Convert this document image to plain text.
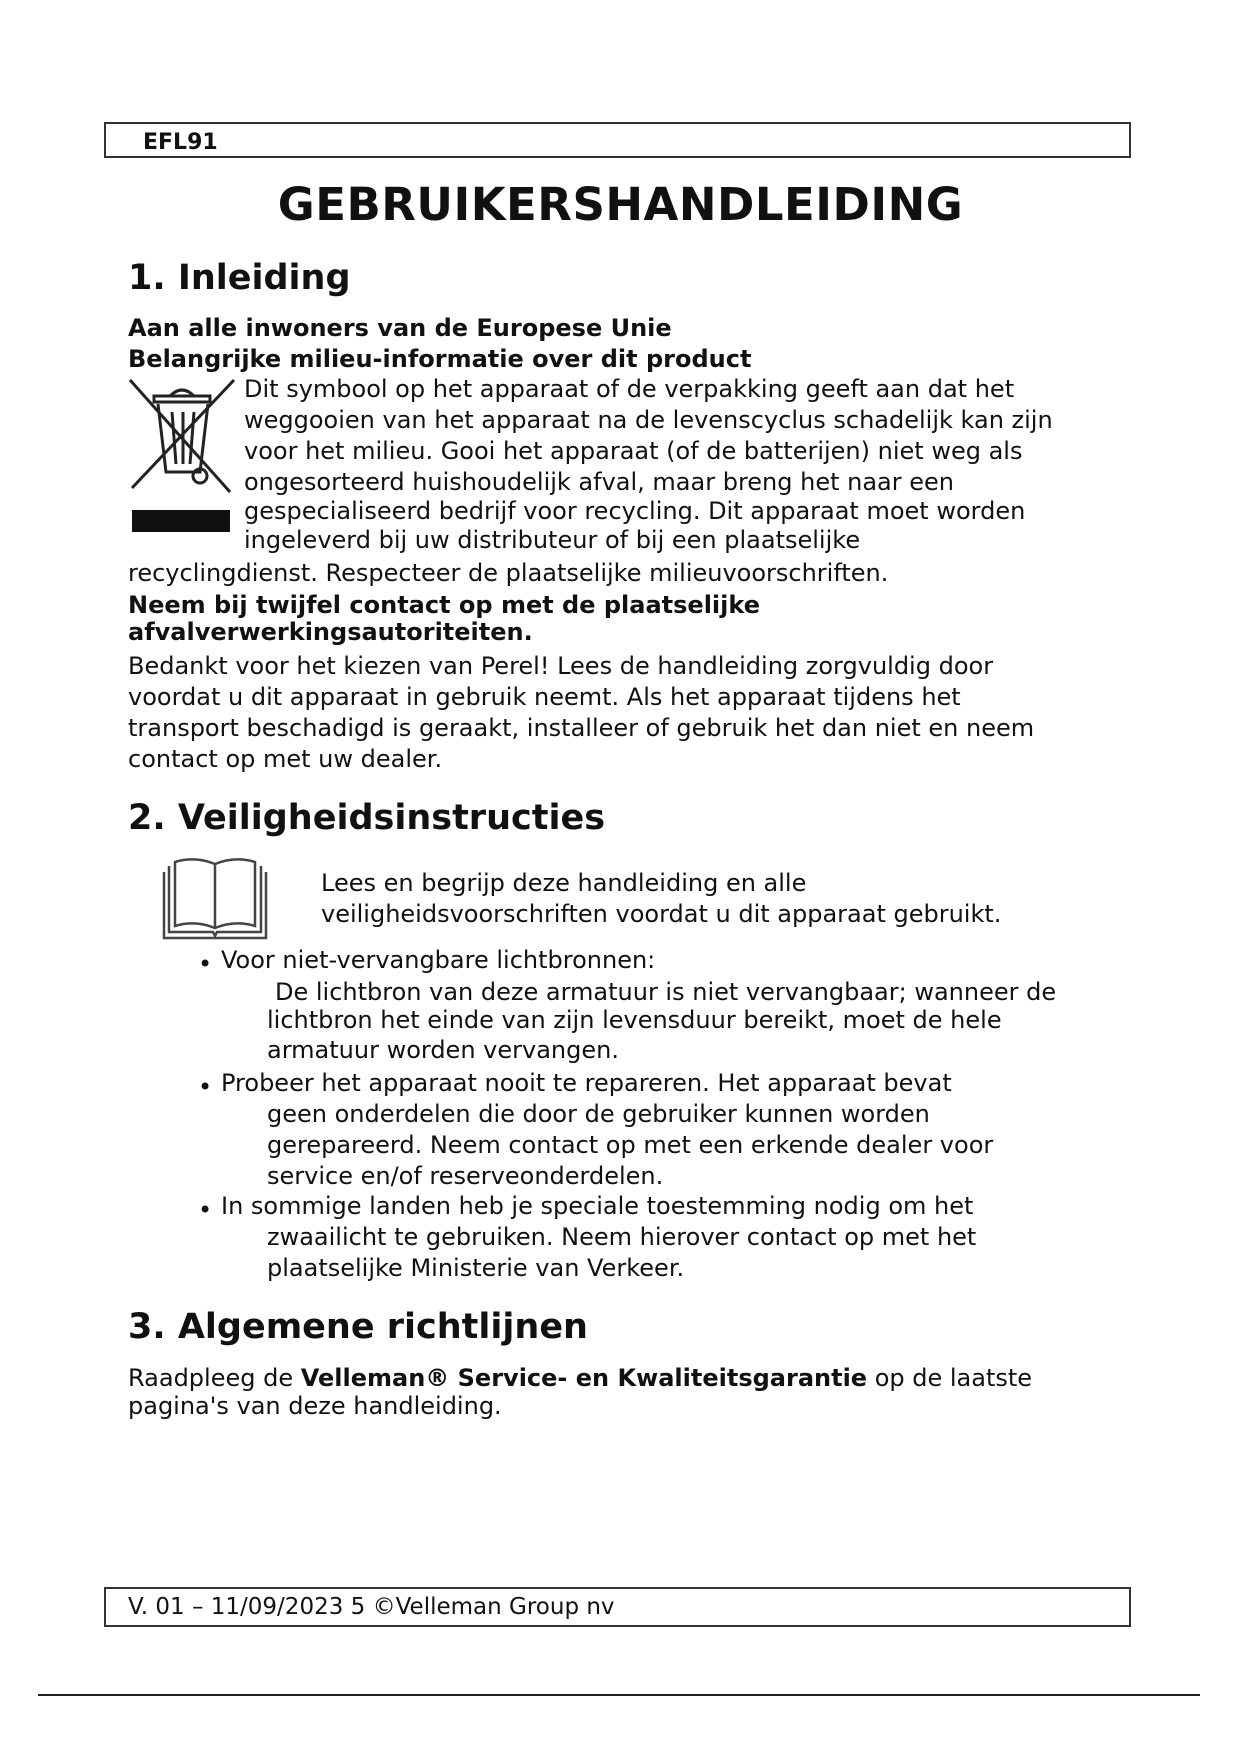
EFL91
GEBRUIKERSHANDLEIDING
1. Inleiding
Aan alle inwoners van de Europese Unie
Belangrijke milieu-informatie over dit product
Dit symbool op het apparaat of de verpakking geeft aan dat het
weggooien van het apparaat na de levenscyclus schadelijk kan zijn
voor het milieu. Gooi het apparaat (of de batterijen) niet weg als
ongesorteerd huishoudelijk afval, maar breng het naar een
gespecialiseerd bedrijf voor recycling. Dit apparaat moet worden
ingeleverd bij uw distributeur of bij een plaatselijke
recyclingdienst. Respecteer de plaatselijke milieuvoorschriften.
Neem bij twijfel contact op met de plaatselijke
afvalverwerkingsautoriteiten.
Bedankt voor het kiezen van Perel! Lees de handleiding zorgvuldig door
voordat u dit apparaat in gebruik neemt. Als het apparaat tijdens het
transport beschadigd is geraakt, installeer of gebruik het dan niet en neem
contact op met uw dealer.
2. Veiligheidsinstructies
Lees en begrijp deze handleiding en alle
veiligheidsvoorschriften voordat u dit apparaat gebruikt.
• Voor niet-vervangbare lichtbronnen:
De lichtbron van deze armatuur is niet vervangbaar; wanneer de
lichtbron het einde van zijn levensduur bereikt, moet de hele
armatuur worden vervangen.
• Probeer het apparaat nooit te repareren. Het apparaat bevat
geen onderdelen die door de gebruiker kunnen worden
gerepareerd. Neem contact op met een erkende dealer voor
service en/of reserveonderdelen.
• In sommige landen heb je speciale toestemming nodig om het
zwaailicht te gebruiken. Neem hierover contact op met het
plaatselijke Ministerie van Verkeer.
3. Algemene richtlijnen
Raadpleeg de Velleman® Service- en Kwaliteitsgarantie op de laatste
pagina's van deze handleiding.
V. 01 – 11/09/2023 5 ©Velleman Group nv
